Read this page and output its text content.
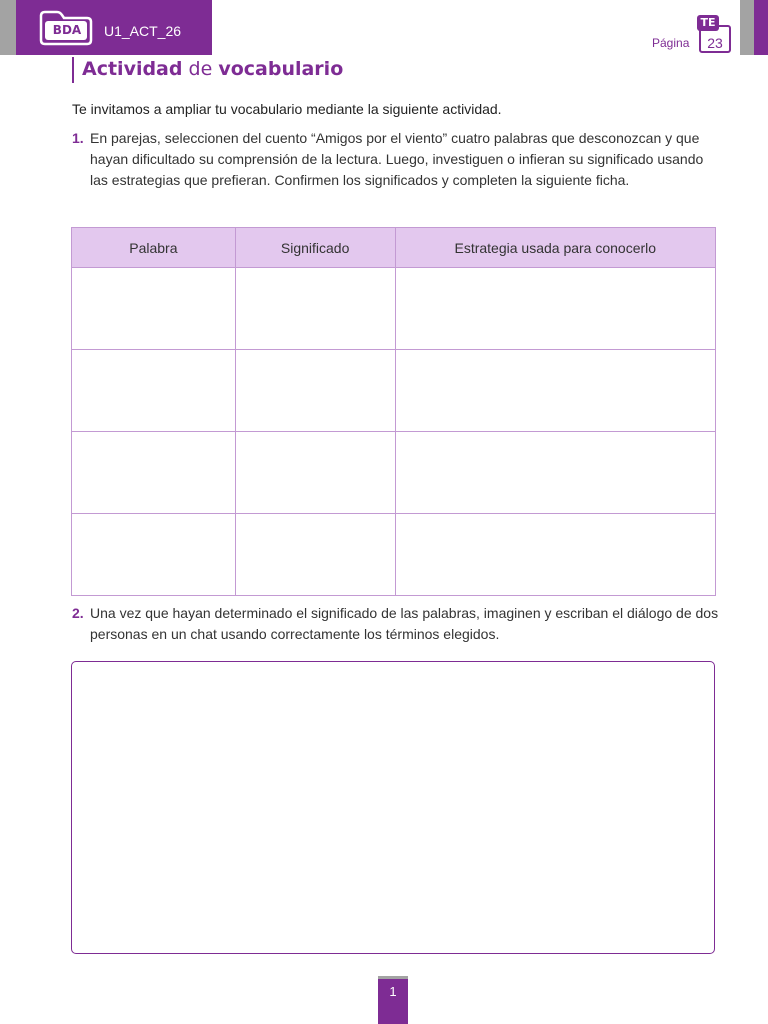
BDA	U1_ACT_26
Página
TE
23
Actividad de vocabulario
Te invitamos a ampliar tu vocabulario mediante la siguiente actividad.
1. En parejas, seleccionen del cuento “Amigos por el viento” cuatro palabras que desconozcan y que hayan dificultado su comprensión de la lectura. Luego, investiguen o infieran su significado usando las estrategias que prefieran. Confirmen los significados y completen la siguiente ficha.
Palabra	Significado	Estrategia usada para conocerlo

2. Una vez que hayan determinado el significado de las palabras, imaginen y escriban el diálogo de dos personas en un chat usando correctamente los términos elegidos.
1
